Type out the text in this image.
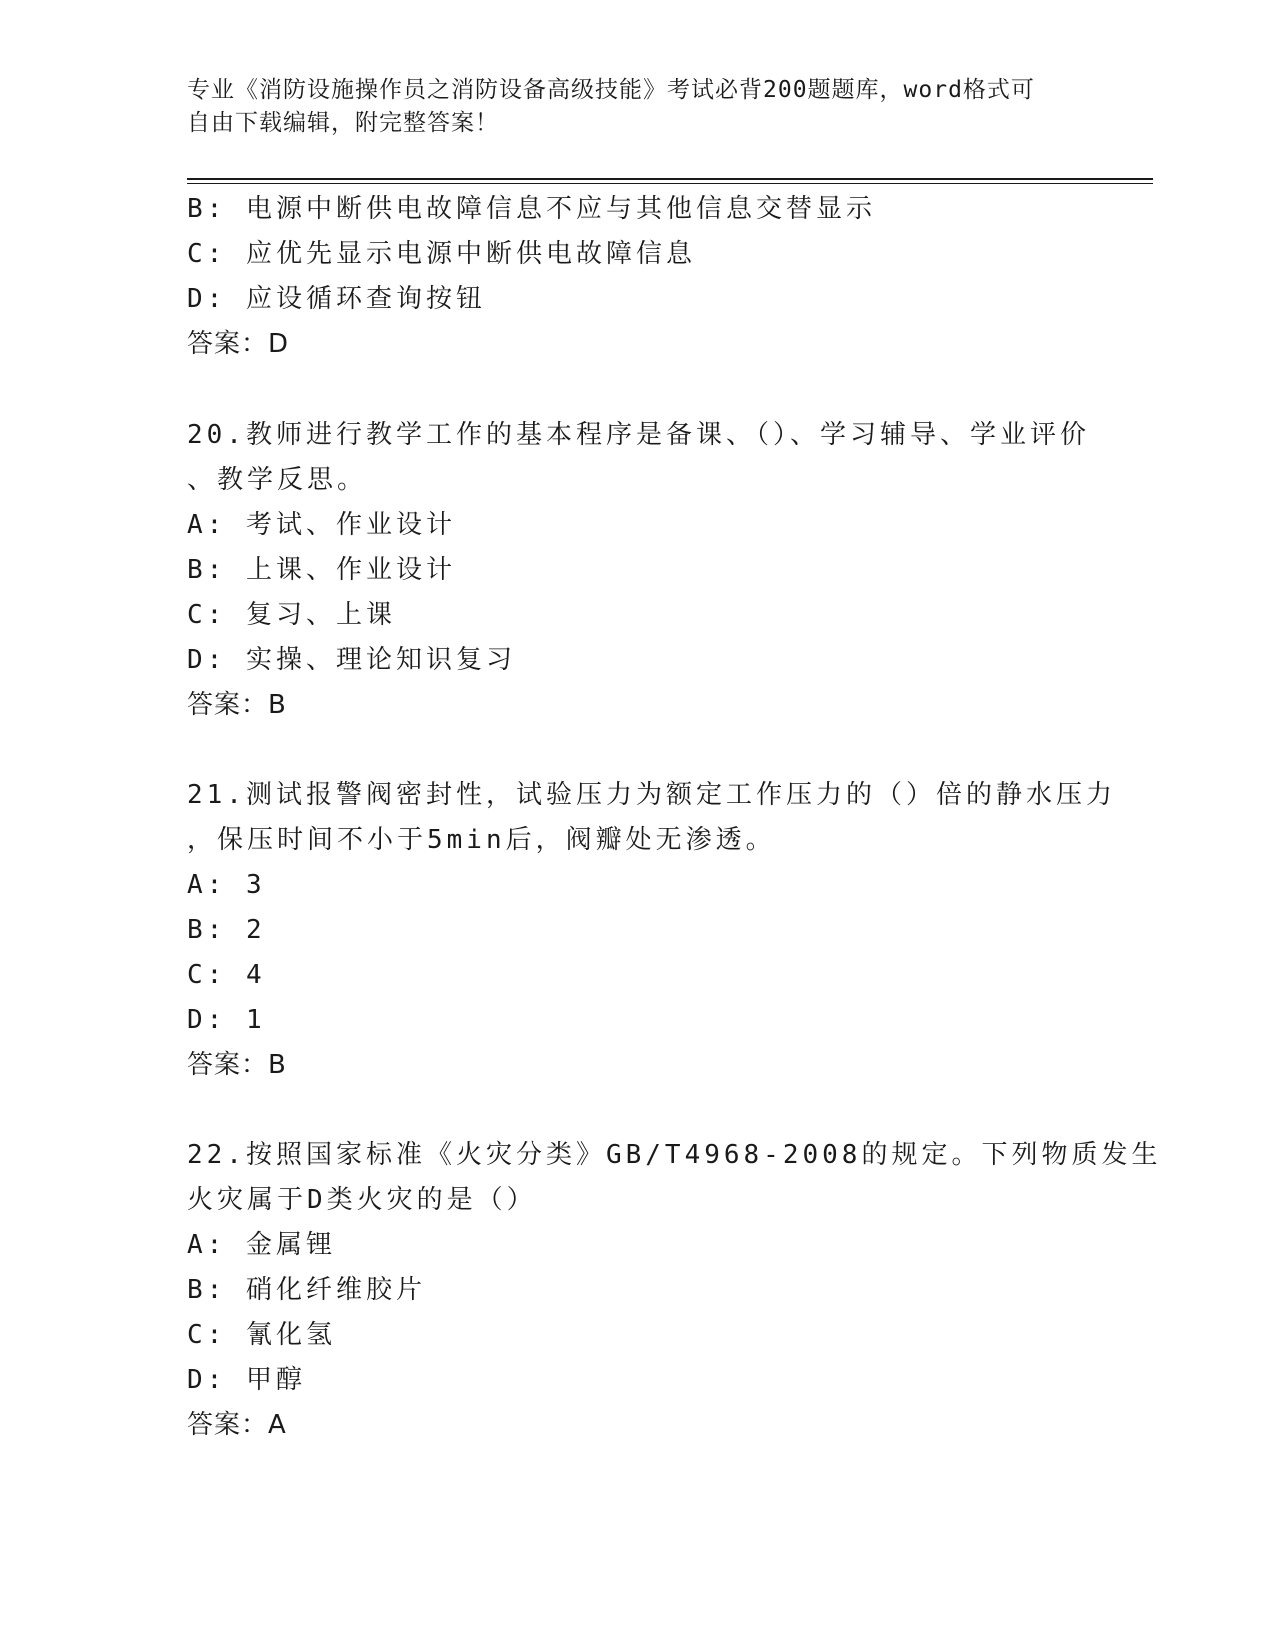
专业《消防设施操作员之消防设备高级技能》考试必背200题题库，word格式可
自由下载编辑，附完整答案！
B: 电源中断供电故障信息不应与其他信息交替显示
C: 应优先显示电源中断供电故障信息
D: 应设循环查询按钮
答案：D
20.教师进行教学工作的基本程序是备课、（）、学习辅导、学业评价
、教学反思。
A: 考试、作业设计
B: 上课、作业设计
C: 复习、上课
D: 实操、理论知识复习
答案：B
21.测试报警阀密封性，试验压力为额定工作压力的（）倍的静水压力
，保压时间不小于5min后，阀瓣处无渗透。
A: 3
B: 2
C: 4
D: 1
答案：B
22.按照国家标准《火灾分类》GB/T4968-2008的规定。下列物质发生
火灾属于D类火灾的是（）
A: 金属锂
B: 硝化纤维胶片
C: 氰化氢
D: 甲醇
答案：A
